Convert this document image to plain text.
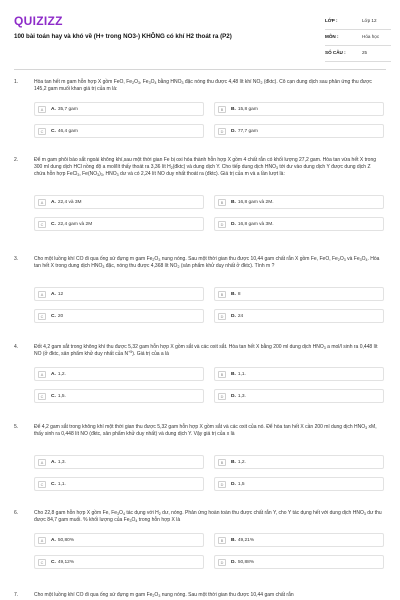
QUIZIZZ
100 bài toán hay và khó về (H+ trong NO3-) KHÔNG có khí H2 thoát ra (P2)
LỚP :	Lớp 12
MÔN :	Hóa học
SỐ CÂU :	25
1.	Hòa tan hết m gam hỗn hợp X gồm FeO, $Fe_2O_3$, $Fe_3O_4$ bằng $HNO_3$ đặc nóng thu được 4,48 lít khí $NO_2$ (đktc). Cô cạn dung dịch sau phản ứng thu được 145,2 gam muối khan giá trị của m là:
A	A. 35,7 gam	B	B. 15,8 gam
C	C. 46,4 gam	D	D. 77,7 gam
2.	Để m gam phôi bào sắt ngoài không khí,sau một thời gian Fe bị oxi hóa thành hỗn hợp X gồm 4 chất rắn có khối lượng 27,2 gam. Hòa tan vừa hết X trong 300 ml dung dịch HCl nồng độ a mol/lít thấy thoát ra 3,36 lít $H_2(đktc)$ và dung dịch Y. Cho tiếp dung dịch $HNO_3$ tới dư vào dung dịch Y được dung dịch Z chứa hỗn hợp FeCl$_3$, $Fe(NO_3)_3$, $HNO_3$ dư và có 2,24 lít NO duy nhất thoát ra (đktc). Giá trị của m và a lần lượt là:
A	A. 22,4 và 3M	B	B. 16,8 gam và 2M.
C	C. 22,4 gam và 2M	D	D. 16,8 gam và 3M.
3.	Cho một luồng khí CO đi qua ống sứ đựng m gam $Fe_2O_3$ nung nóng. Sau một thời gian thu được 10,44 gam chất rắn X gồm Fe, FeO, $Fe_2O_3$ và $Fe_3O_4$. Hòa tan hết X trong dung dịch $HNO_3$ đặc, nóng thu được 4,368 lít $NO_2$ (sản phẩm khử duy nhất ở đktc). Tính m ?
A	A. 12	B	B. 8
C	C. 20	D	D. 24
4.	Đốt 4,2 gam sắt trong không khí thu được 5,32 gam hỗn hợp X gồm sắt và các oxit sắt. Hòa tan hết X bằng 200 ml dung dịch $HNO_3$ a mol/l sinh ra 0,448 lít NO (ở đktc, sản phẩm khử duy nhất của $N^{+5}$). Giá trị của a là
A	A. 1,2.	B	B. 1,1.
C	C. 1,5.	D	D. 1,3.
5.	Để 4,2 gam sắt trong không khí một thời gian thu được 5,32 gam hỗn hợp X gồm sắt và các oxit của nó. Để hòa tan hết X cần 200 ml dung dịch $HNO_3$ xM, thấy sinh ra 0,448 lít NO (đktc, sản phẩm khử duy nhất) và dung dịch Y. Vậy giá trị của x là
A	A. 1,3.	B	B. 1,2.
C	C. 1,1.	D	D. 1,5
6.	Cho 22,8 gam hỗn hợp X gồm Fe, $Fe_3O_4$ tác dụng với $H_2$ dư, nóng. Phản ứng hoàn toàn thu được chất rắn Y, cho Y tác dụng hết với dung dịch $HNO_3$ dư thu được 84,7 gam muối. % khối lượng của $Fe_3O_4$ trong hỗn hợp X là
A	A. 50,80%	B	B. 49,21%
C	C. 49,12%	D	D. 50,88%
7.	Cho một luồng khí CO đi qua ống sứ đựng m gam $Fe_2O_3$ nung nóng. Sau một thời gian thu được 10,44 gam chất rắn
